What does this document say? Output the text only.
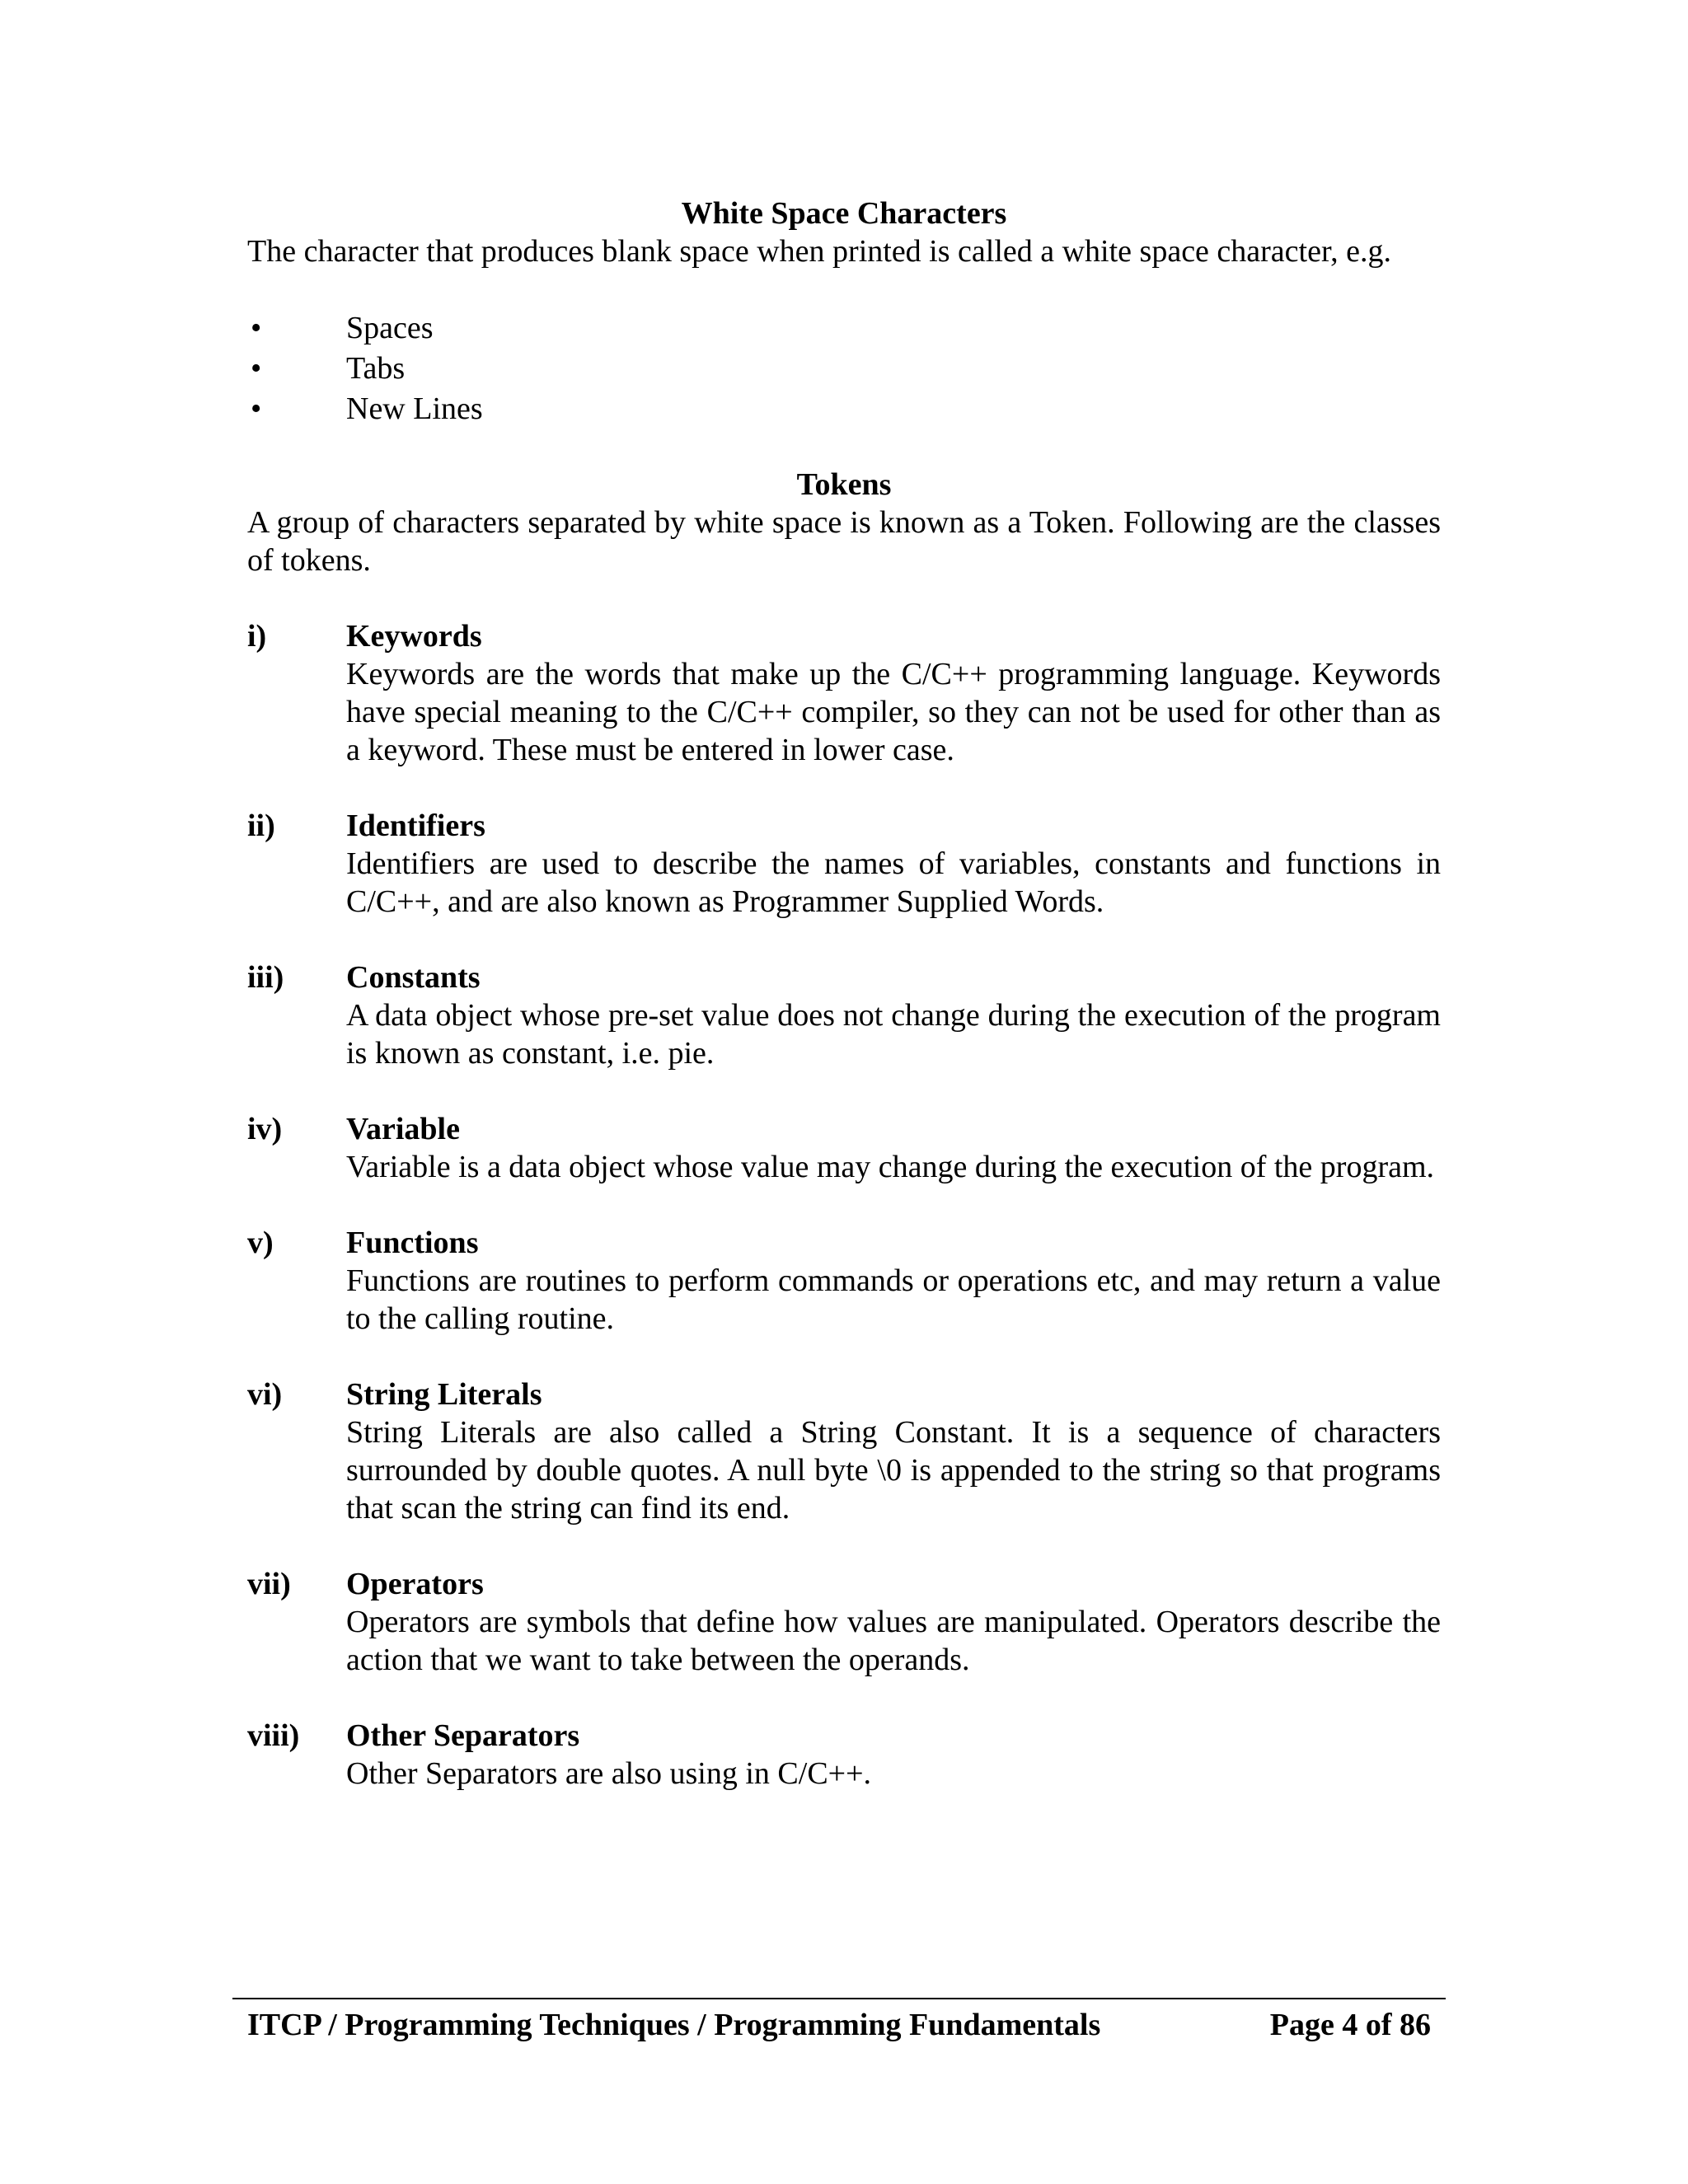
White Space Characters

The character that produces blank space when printed is called a white space character, e.g.

•	Spaces
•	Tabs
•	New Lines

Tokens

A group of characters separated by white space is known as a Token. Following are the classes of tokens.

i)	Keywords
Keywords are the words that make up the C/C++ programming language. Keywords have special meaning to the C/C++ compiler, so they can not be used for other than as a keyword. These must be entered in lower case.
ii) Identifiers
Identifiers are used to describe the names of variables, constants and functions in C/C++, and are also known as Programmer Supplied Words.
iii) Constants
A data object whose pre-set value does not change during the execution of the program is known as constant, i.e. pie.
iv) Variable
Variable is a data object whose value may change during the execution of the program.
v) Functions
Functions are routines to perform commands or operations etc, and may return a value to the calling routine.
vi) String Literals
String Literals are also called a String Constant. It is a sequence of characters surrounded by double quotes. A null byte \0 is appended to the string so that programs that scan the string can find its end.
vii) Operators
Operators are symbols that define how values are manipulated. Operators describe the action that we want to take between the operands.
viii) Other Separators
Other Separators are also using in C/C++.
ITCP / Programming Techniques / Programming Fundamentals	Page 4 of 86
